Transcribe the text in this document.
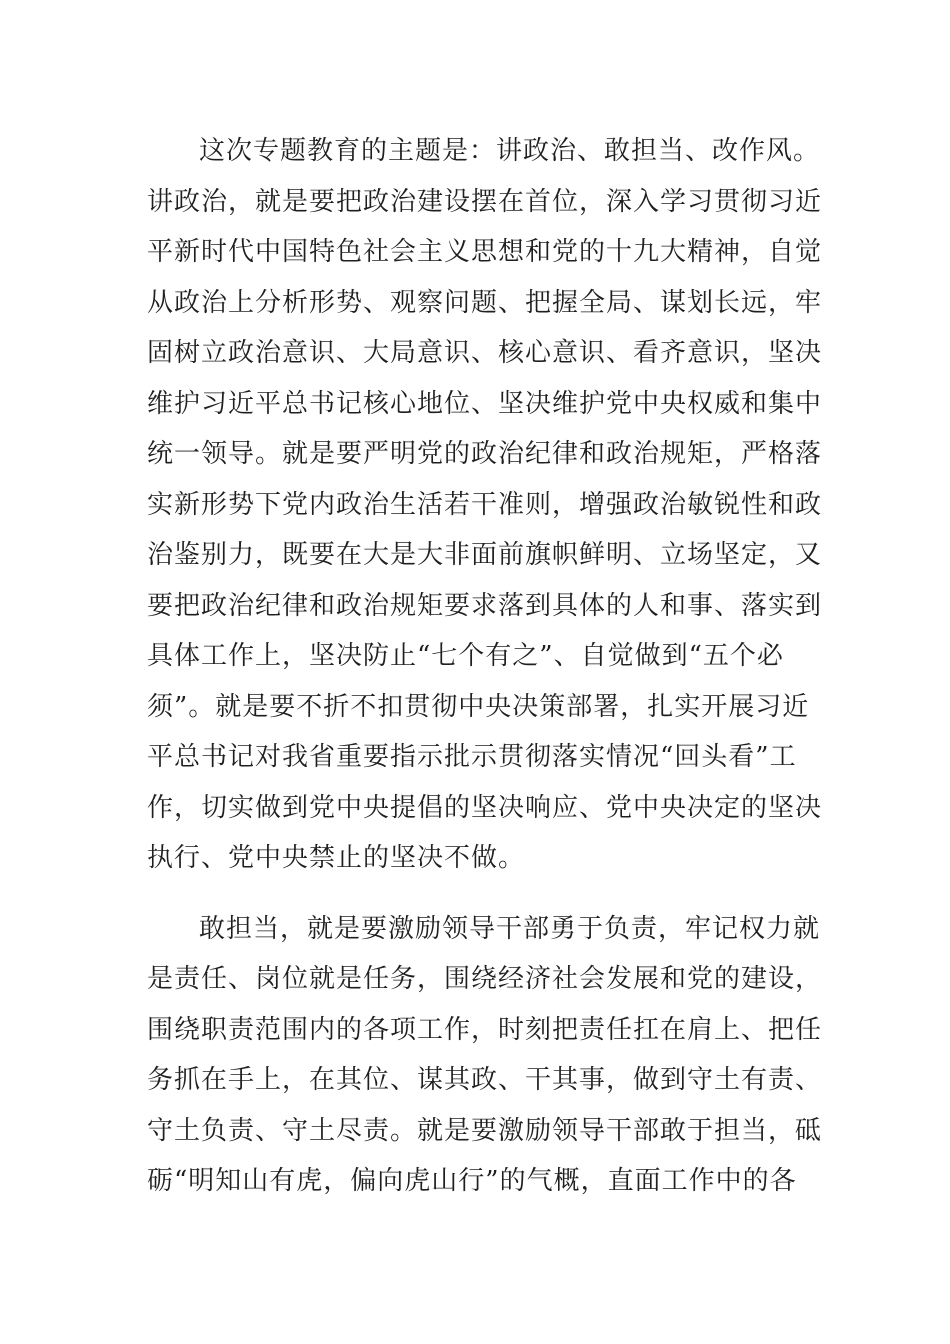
这次专题教育的主题是：讲政治、敢担当、改作风。
讲政治，就是要把政治建设摆在首位，深入学习贯彻习近
平新时代中国特色社会主义思想和党的十九大精神，自觉
从政治上分析形势、观察问题、把握全局、谋划长远，牢
固树立政治意识、大局意识、核心意识、看齐意识，坚决
维护习近平总书记核心地位、坚决维护党中央权威和集中
统一领导。就是要严明党的政治纪律和政治规矩，严格落
实新形势下党内政治生活若干准则，增强政治敏锐性和政
治鉴别力，既要在大是大非面前旗帜鲜明、立场坚定，又
要把政治纪律和政治规矩要求落到具体的人和事、落实到
具体工作上，坚决防止“七个有之”、自觉做到“五个必
须”。就是要不折不扣贯彻中央决策部署，扎实开展习近
平总书记对我省重要指示批示贯彻落实情况“回头看”工
作，切实做到党中央提倡的坚决响应、党中央决定的坚决
执行、党中央禁止的坚决不做。
敢担当，就是要激励领导干部勇于负责，牢记权力就
是责任、岗位就是任务，围绕经济社会发展和党的建设，
围绕职责范围内的各项工作，时刻把责任扛在肩上、把任
务抓在手上，在其位、谋其政、干其事，做到守土有责、
守土负责、守土尽责。就是要激励领导干部敢于担当，砥
砺“明知山有虎，偏向虎山行”的气概，直面工作中的各
